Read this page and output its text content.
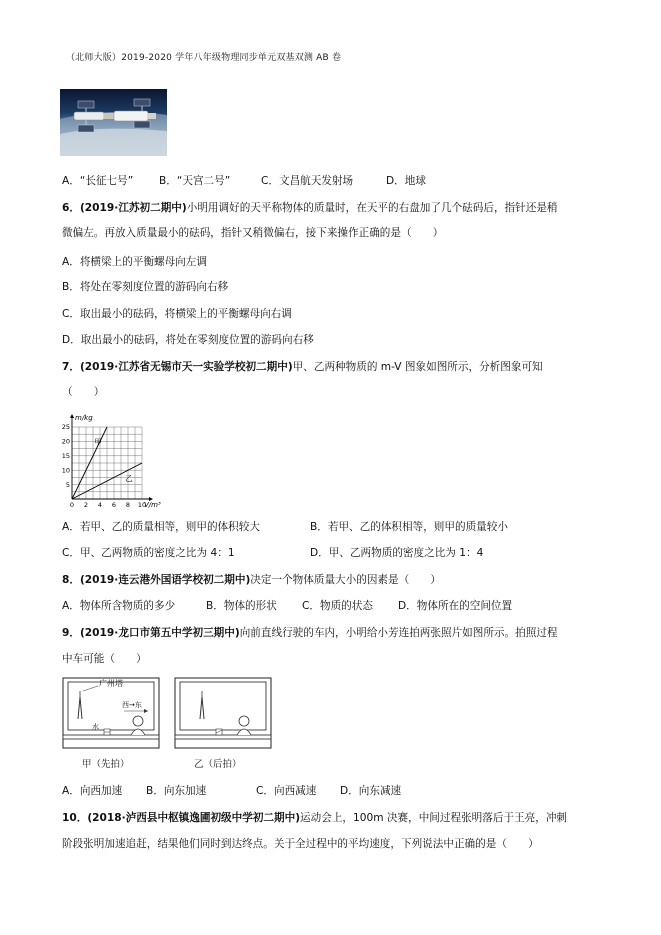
（北师大版）2019-2020 学年八年级物理同步单元双基双测 AB 卷
A．“长征七号” B．“天宫二号”	C．文昌航天发射场	D．地球
6．(2019·江苏初二期中)小明用调好的天平称物体的质量时，在天平的右盘加了几个砝码后，指针还是稍
微偏左。再放入质量最小的砝码，指针又稍微偏右，接下来操作正确的是（　　）
A．将横梁上的平衡螺母向左调
B．将处在零刻度位置的游码向右移
C．取出最小的砝码，将横梁上的平衡螺母向右调
D．取出最小的砝码，将处在零刻度位置的游码向右移
7．(2019·江苏省无锡市天一实验学校初二期中)甲、乙两种物质的 m-V 图象如图所示，分析图象可知
（　　）
0 2 4 6 8 10
5
10
15
20
25
甲
乙
m/kg
V/m³
A．若甲、乙的质量相等，则甲的体积较大	B．若甲、乙的体积相等，则甲的质量较小
C．甲、乙两物质的密度之比为 4：1	D．甲、乙两物质的密度之比为 1：4
8．(2019·连云港外国语学校初二期中)决定一个物体质量大小的因素是（　　）
A．物体所含物质的多少	B．物体的形状 C．物质的状态 D．物体所在的空间位置
9．(2019·龙口市第五中学初三期中)向前直线行驶的车内，小明给小芳连拍两张照片如图所示。拍照过程
中车可能（　　）
广州塔
西→东
水
甲（先拍）	乙（后拍）
A．向西加速 B．向东加速	C．向西减速 D．向东减速
10．(2018·泸西县中枢镇逸圃初级中学初二期中)运动会上，100m 决赛，中间过程张明落后于王亮，冲刺
阶段张明加速追赶，结果他们同时到达终点。关于全过程中的平均速度，下列说法中正确的是（　　）
